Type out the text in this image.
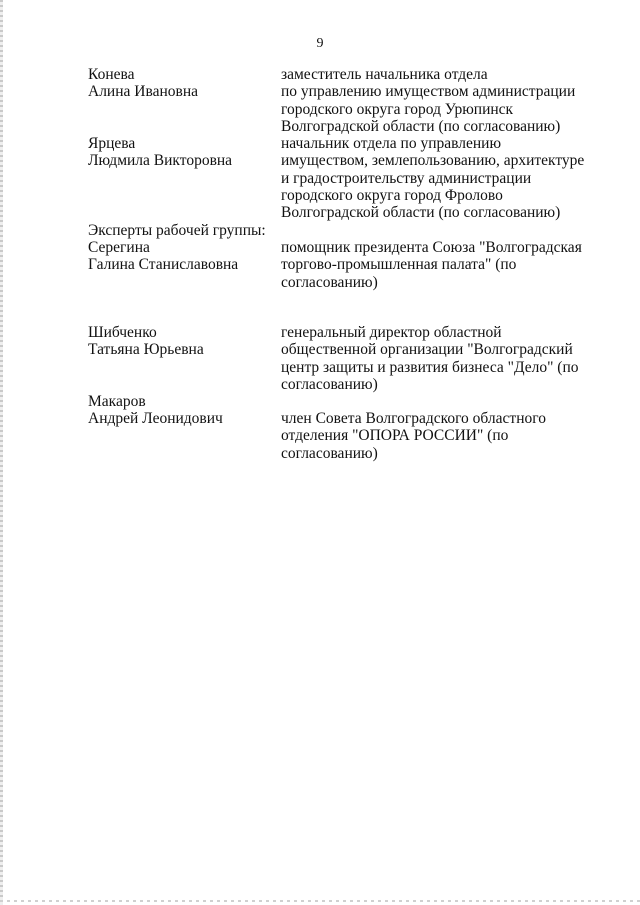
9
Конева
Алина Ивановна
заместитель начальника отдела
по управлению имуществом администрации
городского округа город Урюпинск
Волгоградской области (по согласованию)
Ярцева
Людмила Викторовна
начальник отдела по управлению
имуществом, землепользованию, архитектуре
и градостроительству администрации
городского округа город Фролово
Волгоградской области (по согласованию)
Эксперты рабочей группы:
Серегина
Галина Станиславовна
помощник президента Союза "Волгоградская
торгово-промышленная палата" (по
согласованию)
Шибченко
Татьяна Юрьевна
генеральный директор областной
общественной организации "Волгоградский
центр защиты и развития бизнеса "Дело" (по
согласованию)
Макаров
Андрей Леонидович	член Совета Волгоградского областного
отделения "ОПОРА РОССИИ" (по
согласованию)
